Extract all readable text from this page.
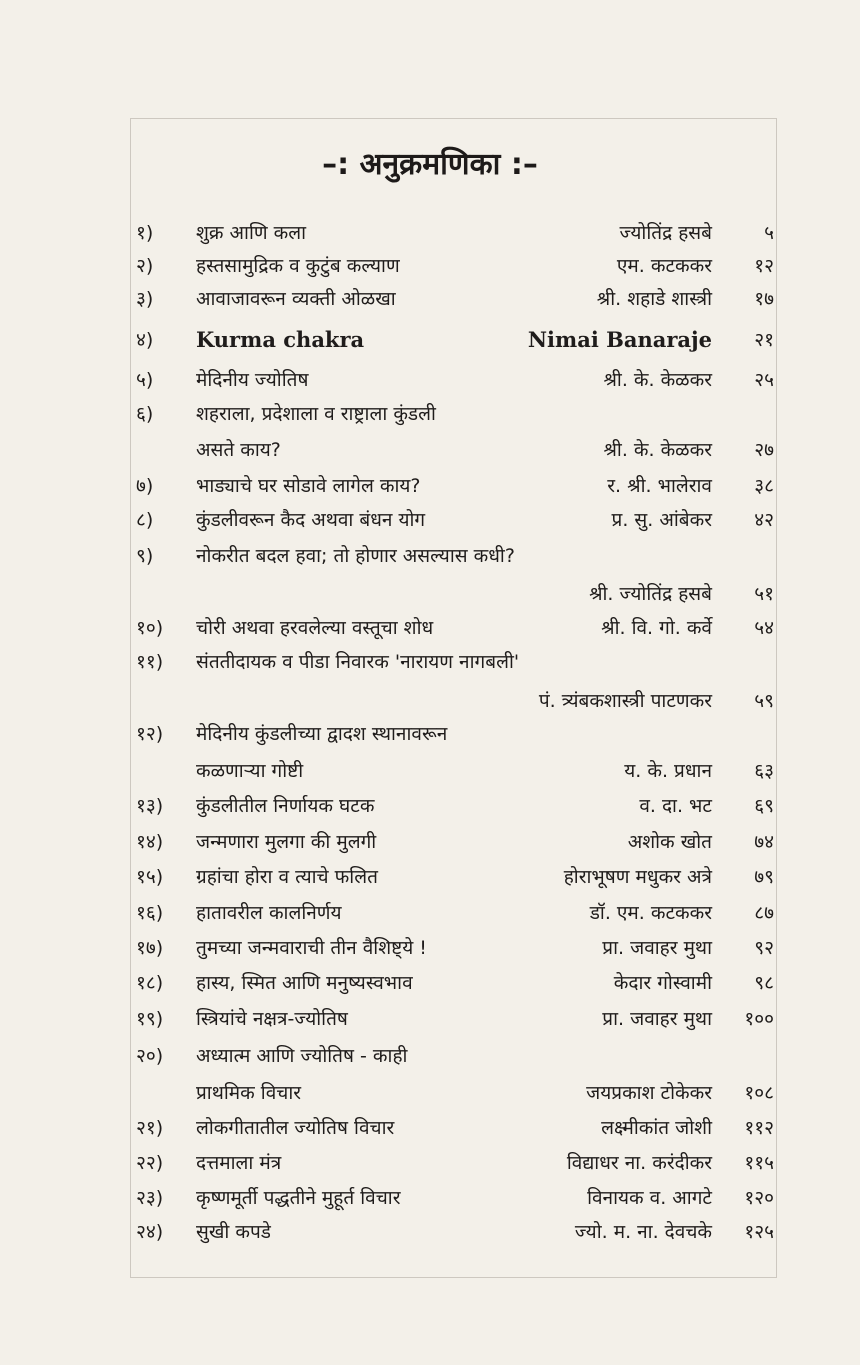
–: अनुक्रमणिका :–
१)	शुक्र आणि कला	ज्योतिंद्र हसबे	५
२)	हस्तसामुद्रिक व कुटुंब कल्याण	एम. कटककर १२
३)	आवाजावरून व्यक्ती ओळखा	श्री. शहाडे शास्त्री १७
४)	Kurma chakra	Nimai Banaraje २१
५)	मेदिनीय ज्योतिष	श्री. के. केळकर २५
६)	शहराला, प्रदेशाला व राष्ट्राला कुंडली
असते काय?	श्री. के. केळकर २७
७)	भाड्याचे घर सोडावे लागेल काय?	र. श्री. भालेराव ३८
८)	कुंडलीवरून कैद अथवा बंधन योग	प्र. सु. आंबेकर ४२
९)	नोकरीत बदल हवा; तो होणार असल्यास कधी?
श्री. ज्योतिंद्र हसबे ५१
१०)	चोरी अथवा हरवलेल्या वस्तूचा शोध	श्री. वि. गो. कर्वे ५४
११)	संततीदायक व पीडा निवारक 'नारायण नागबली'
पं. त्र्यंबकशास्त्री पाटणकर ५९
१२)	मेदिनीय कुंडलीच्या द्वादश स्थानावरून
कळणाऱ्या गोष्टी	य. के. प्रधान ६३
१३)	कुंडलीतील निर्णायक घटक	व. दा. भट ६९
१४)	जन्मणारा मुलगा की मुलगी	अशोक खोत ७४
१५)	ग्रहांचा होरा व त्याचे फलित	होराभूषण मधुकर अत्रे ७९
१६)	हातावरील कालनिर्णय	डॉ. एम. कटककर ८७
१७)	तुमच्या जन्मवाराची तीन वैशिष्ट्ये !	प्रा. जवाहर मुथा ९२
१८)	हास्य, स्मित आणि मनुष्यस्वभाव	केदार गोस्वामी ९८
१९)	स्त्रियांचे नक्षत्र-ज्योतिष	प्रा. जवाहर मुथा १००
२०)	अध्यात्म आणि ज्योतिष - काही
प्राथमिक विचार	जयप्रकाश टोकेकर १०८
२१)	लोकगीतातील ज्योतिष विचार	लक्ष्मीकांत जोशी ११२
२२)	दत्तमाला मंत्र	विद्याधर ना. करंदीकर ११५
२३)	कृष्णमूर्ती पद्धतीने मुहूर्त विचार	विनायक व. आगटे १२०
२४)	सुखी कपडे	ज्यो. म. ना. देवचके १२५
